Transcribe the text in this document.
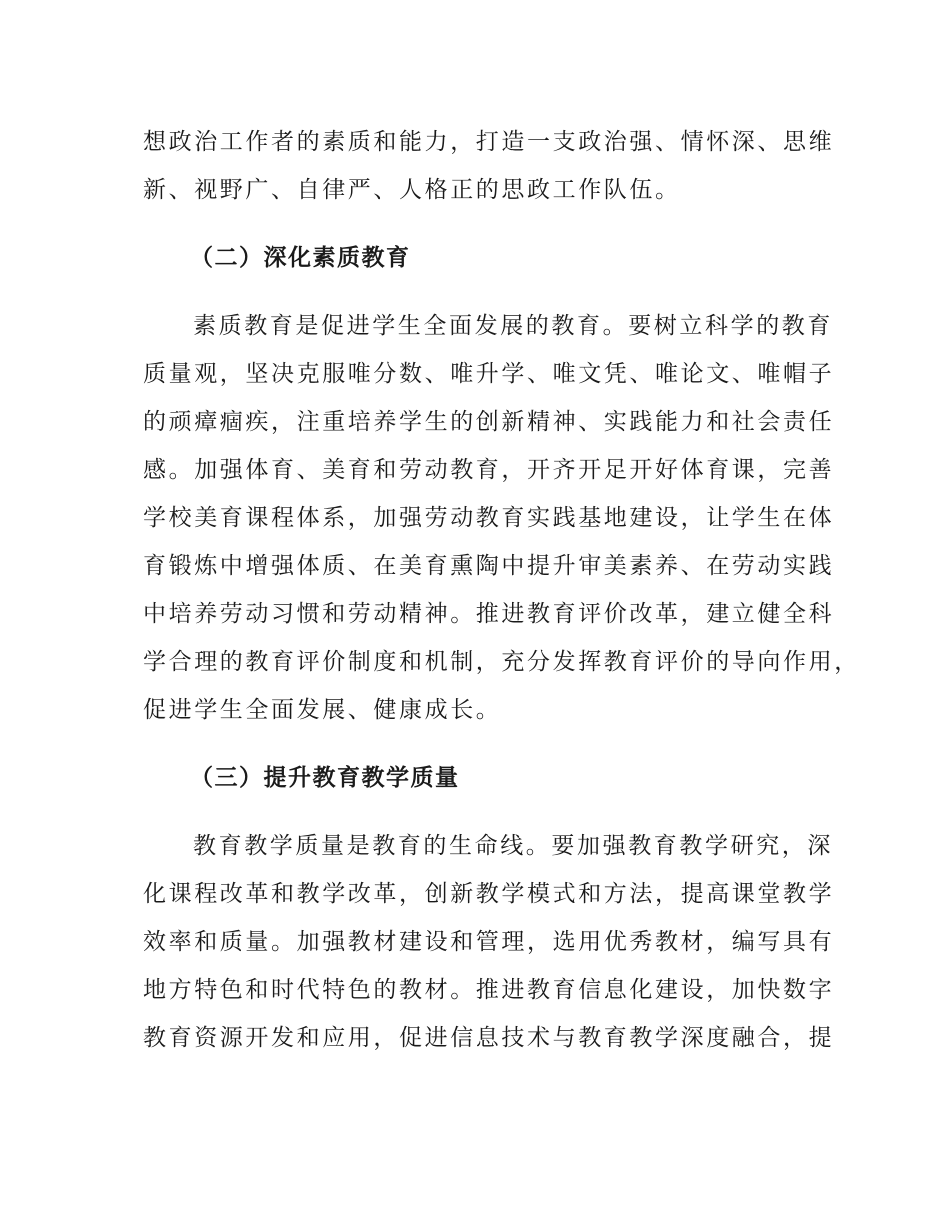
想政治工作者的素质和能力，打造一支政治强、情怀深、思维

新、视野广、自律严、人格正的思政工作队伍。

（二）深化素质教育

素质教育是促进学生全面发展的教育。要树立科学的教育

质量观，坚决克服唯分数、唯升学、唯文凭、唯论文、唯帽子

的顽瘴痼疾，注重培养学生的创新精神、实践能力和社会责任

感。加强体育、美育和劳动教育，开齐开足开好体育课，完善

学校美育课程体系，加强劳动教育实践基地建设，让学生在体

育锻炼中增强体质、在美育熏陶中提升审美素养、在劳动实践

中培养劳动习惯和劳动精神。推进教育评价改革，建立健全科

学合理的教育评价制度和机制，充分发挥教育评价的导向作用，

促进学生全面发展、健康成长。

（三）提升教育教学质量

教育教学质量是教育的生命线。要加强教育教学研究，深

化课程改革和教学改革，创新教学模式和方法，提高课堂教学

效率和质量。加强教材建设和管理，选用优秀教材，编写具有

地方特色和时代特色的教材。推进教育信息化建设，加快数字

教育资源开发和应用，促进信息技术与教育教学深度融合，提
